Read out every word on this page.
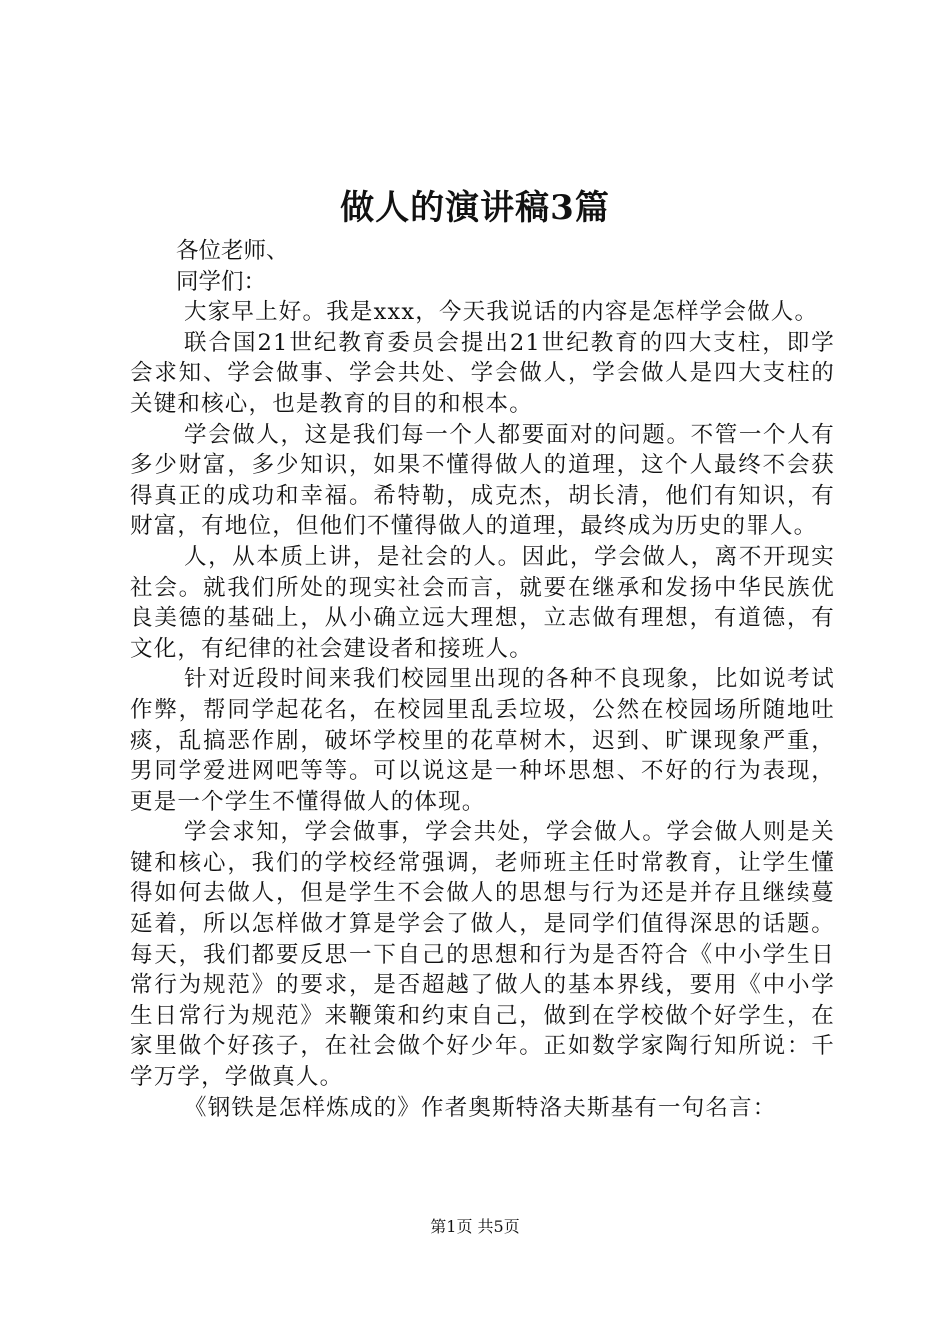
做人的演讲稿3篇

各位老师、

同学们：

大家早上好。我是xxx，今天我说话的内容是怎样学会做人。

联合国21世纪教育委员会提出21世纪教育的四大支柱，即学会求知、学会做事、学会共处、学会做人，学会做人是四大支柱的关键和核心，也是教育的目的和根本。

学会做人，这是我们每一个人都要面对的问题。不管一个人有多少财富，多少知识，如果不懂得做人的道理，这个人最终不会获得真正的成功和幸福。希特勒，成克杰，胡长清，他们有知识，有财富，有地位，但他们不懂得做人的道理，最终成为历史的罪人。

人，从本质上讲，是社会的人。因此，学会做人，离不开现实社会。就我们所处的现实社会而言，就要在继承和发扬中华民族优良美德的基础上，从小确立远大理想，立志做有理想，有道德，有文化，有纪律的社会建设者和接班人。

针对近段时间来我们校园里出现的各种不良现象，比如说考试作弊，帮同学起花名，在校园里乱丢垃圾，公然在校园场所随地吐痰，乱搞恶作剧，破坏学校里的花草树木，迟到、旷课现象严重，男同学爱进网吧等等。可以说这是一种坏思想、不好的行为表现，更是一个学生不懂得做人的体现。

学会求知，学会做事，学会共处，学会做人。学会做人则是关键和核心，我们的学校经常强调，老师班主任时常教育，让学生懂得如何去做人，但是学生不会做人的思想与行为还是并存且继续蔓延着，所以怎样做才算是学会了做人，是同学们值得深思的话题。每天，我们都要反思一下自己的思想和行为是否符合《中小学生日常行为规范》的要求，是否超越了做人的基本界线，要用《中小学生日常行为规范》来鞭策和约束自己，做到在学校做个好学生，在家里做个好孩子，在社会做个好少年。正如数学家陶行知所说：千学万学，学做真人。

《钢铁是怎样炼成的》作者奥斯特洛夫斯基有一句名言：

第1页 共5页
